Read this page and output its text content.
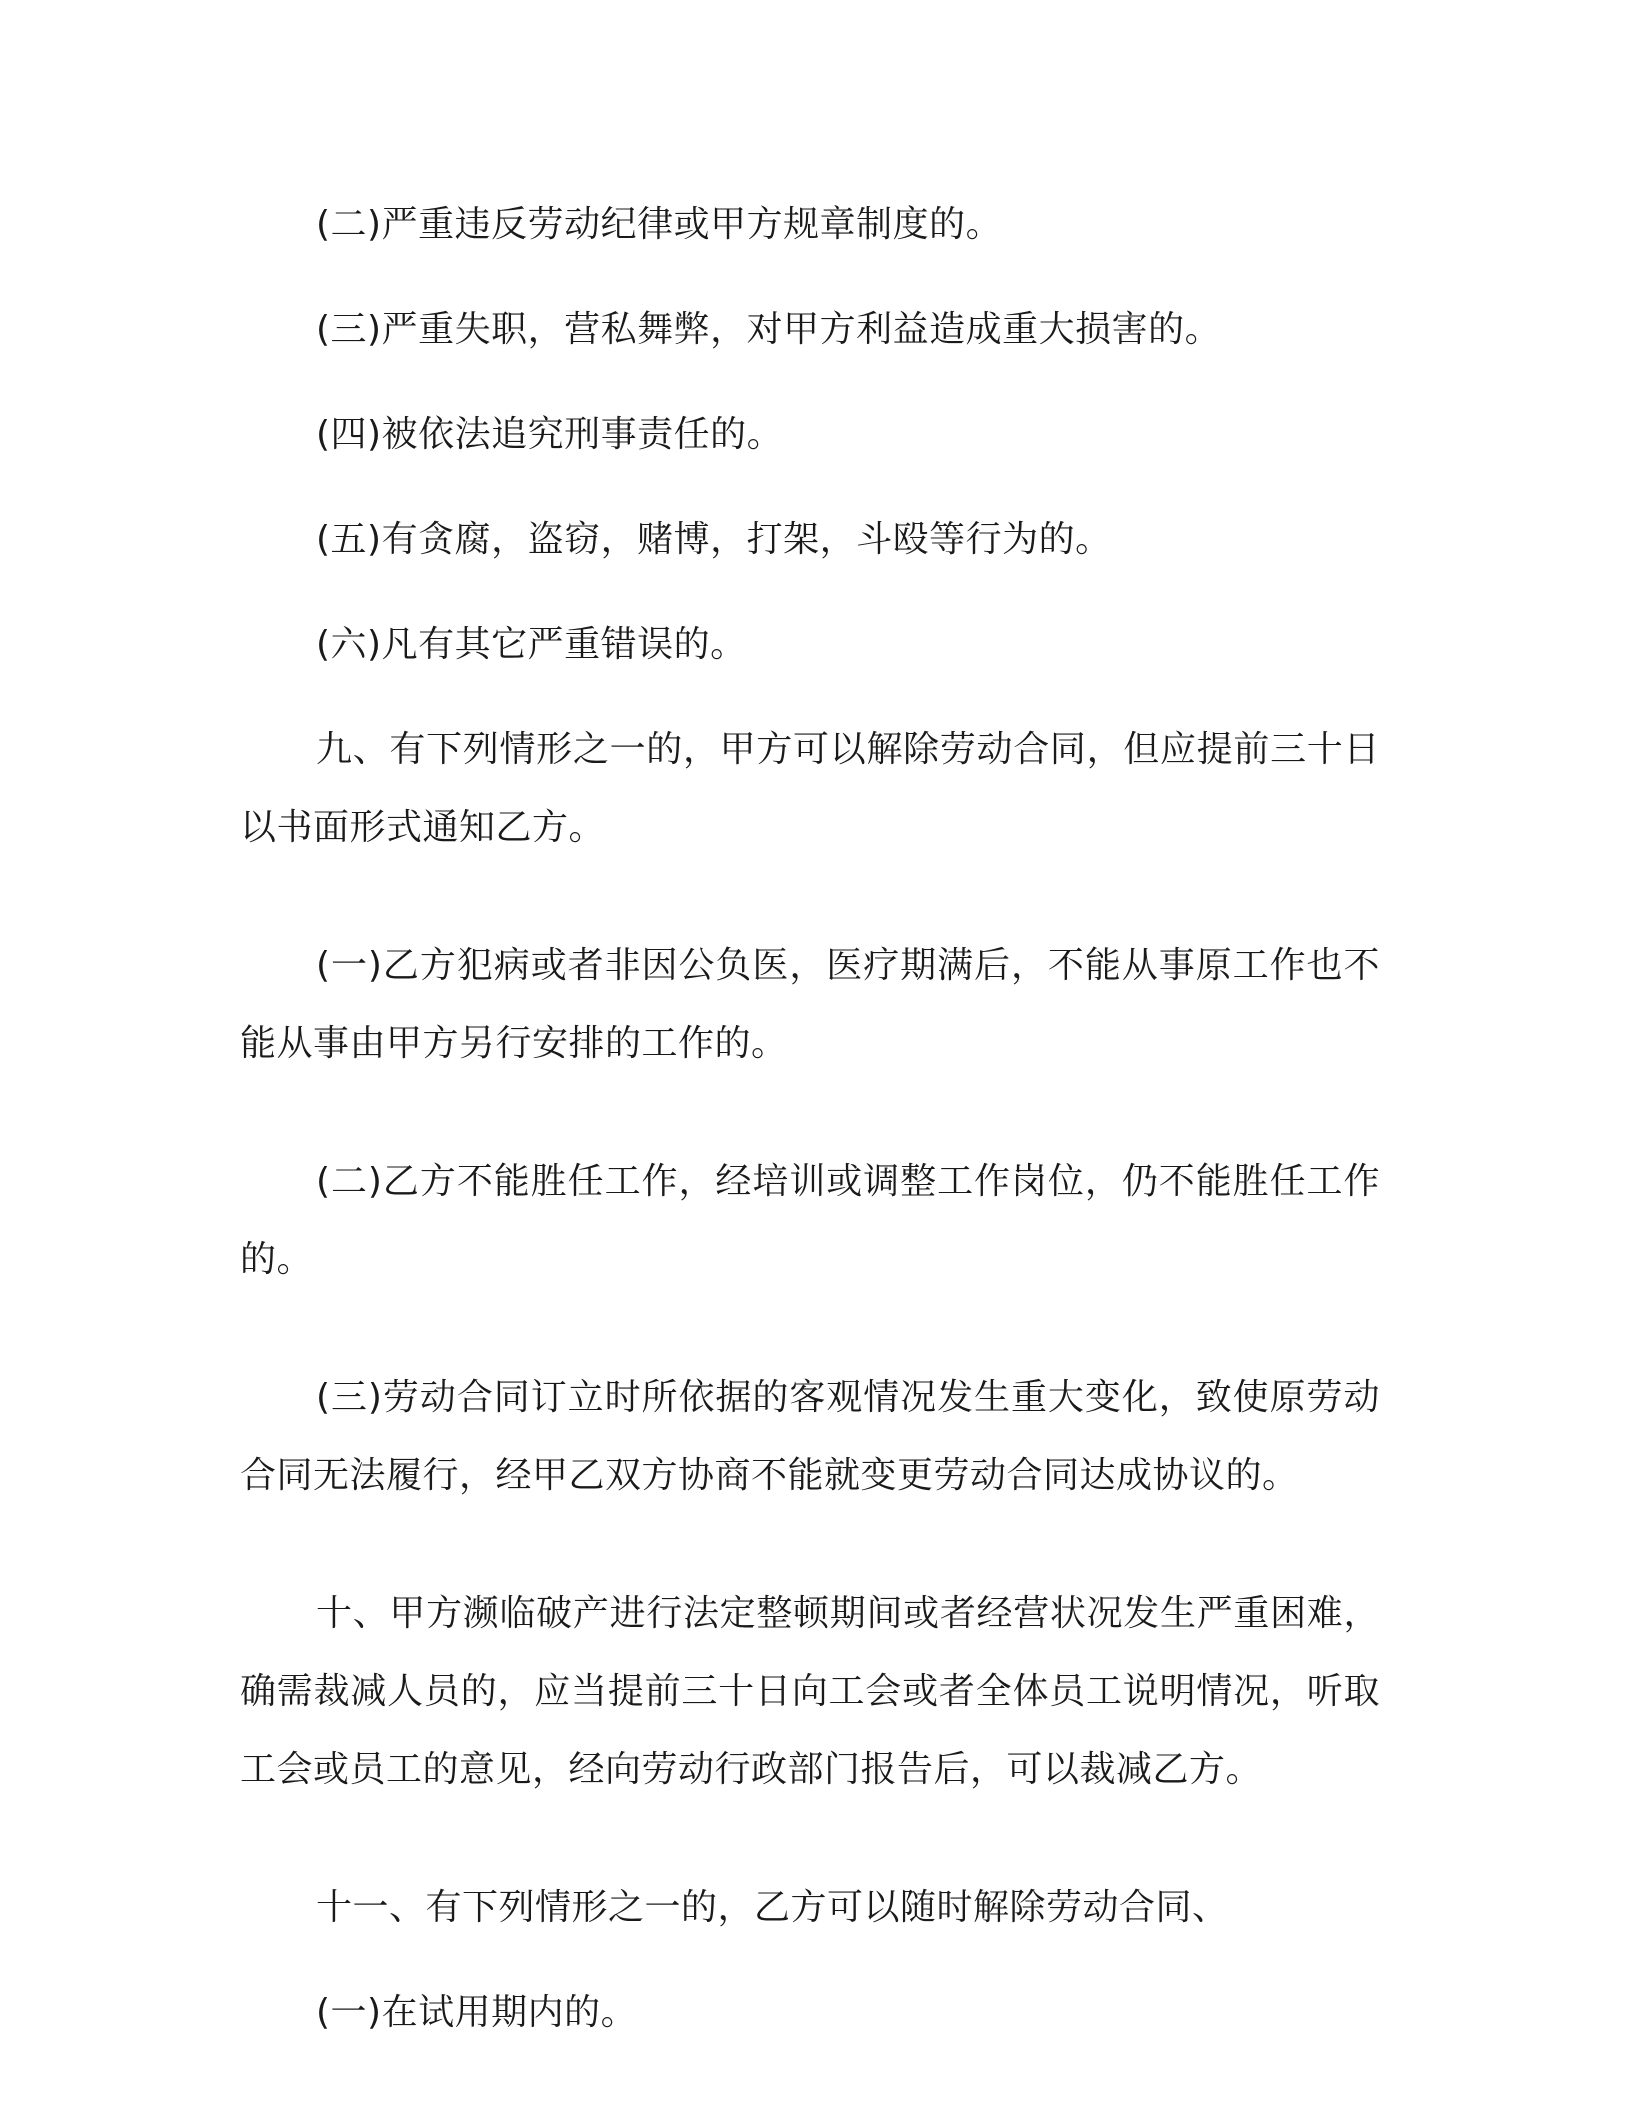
(二)严重违反劳动纪律或甲方规章制度的。

(三)严重失职，营私舞弊，对甲方利益造成重大损害的。

(四)被依法追究刑事责任的。

(五)有贪腐，盗窃，赌博，打架，斗殴等行为的。

(六)凡有其它严重错误的。

九、有下列情形之一的，甲方可以解除劳动合同，但应提前三十日以书面形式通知乙方。

(一)乙方犯病或者非因公负医，医疗期满后，不能从事原工作也不能从事由甲方另行安排的工作的。

(二)乙方不能胜任工作，经培训或调整工作岗位，仍不能胜任工作的。

(三)劳动合同订立时所依据的客观情况发生重大变化，致使原劳动合同无法履行，经甲乙双方协商不能就变更劳动合同达成协议的。

十、甲方濒临破产进行法定整顿期间或者经营状况发生严重困难，确需裁减人员的，应当提前三十日向工会或者全体员工说明情况，听取工会或员工的意见，经向劳动行政部门报告后，可以裁减乙方。

十一、有下列情形之一的，乙方可以随时解除劳动合同、

(一)在试用期内的。
